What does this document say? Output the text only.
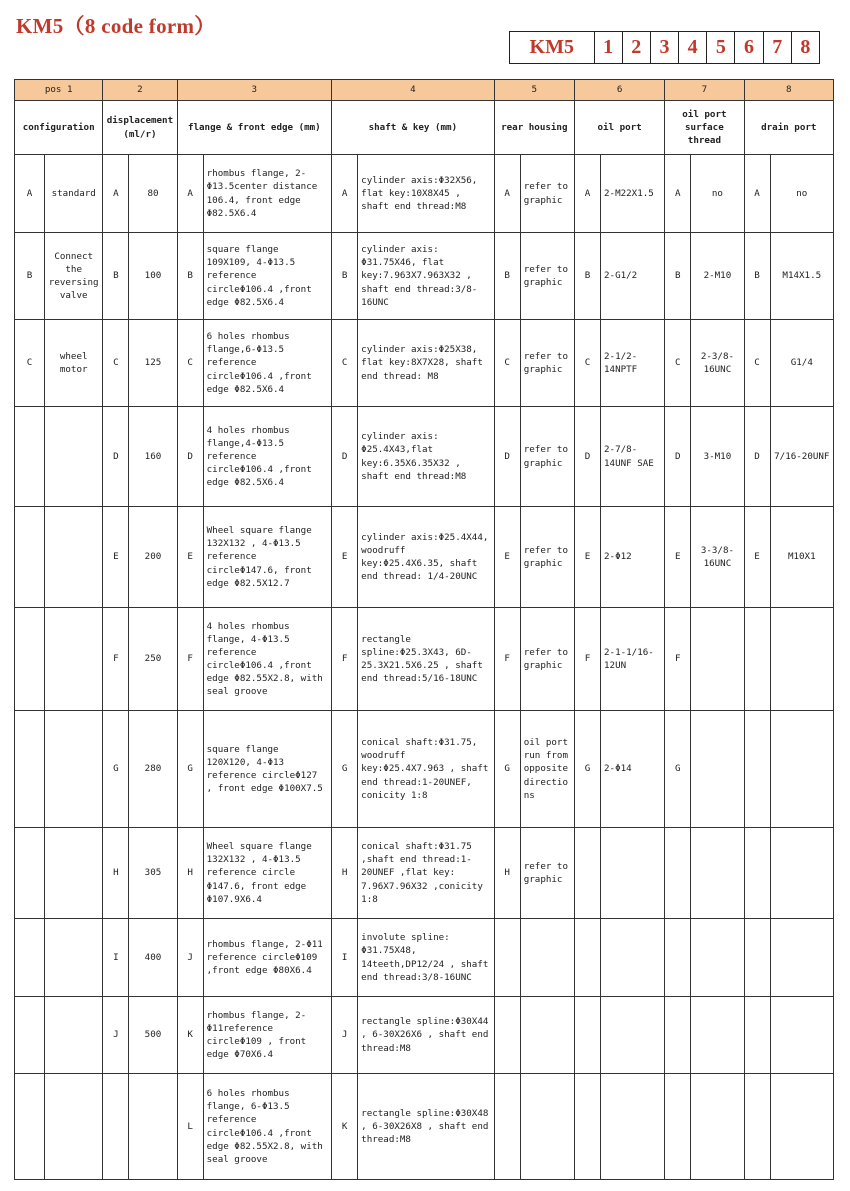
KM5（8 code form）
KM5	1 2 3 4 5 6 7 8
pos 1		2		3		4		5		6		7		8	
configuration		displacement (ml/r)		flange & front edge (mm)		shaft & key (mm)		rear housing		oil port		oil port surface thread		drain port	
A	standard	A	80	A	rhombus flange, 2-Φ13.5center distance 106.4, front edge Φ82.5X6.4	A	cylinder axis:Φ32X56, flat key:10X8X45 , shaft end thread:M8	A	refer to graphic	A	2-M22X1.5	A	no	A	no
B	Connect the reversing valve	B	100	B	square flange 109X109, 4-Φ13.5 reference circleΦ106.4 ,front edge Φ82.5X6.4	B	cylinder axis: Φ31.75X46, flat key:7.963X7.963X32 , shaft end thread:3/8-16UNC	B	refer to graphic	B	2-G1/2	B	2-M10	B	M14X1.5
C	wheel motor	C	125	C	6 holes rhombus flange,6-Φ13.5 reference circleΦ106.4 ,front edge Φ82.5X6.4	C	cylinder axis:Φ25X38, flat key:8X7X28, shaft end thread: M8	C	refer to graphic	C	2-1/2-14NPTF	C	2-3/8-16UNC	C	G1/4
		D	160	D	4 holes rhombus flange,4-Φ13.5 reference circleΦ106.4 ,front edge Φ82.5X6.4	D	cylinder axis: Φ25.4X43,flat key:6.35X6.35X32 , shaft end thread:M8	D	refer to graphic	D	2-7/8-14UNF SAE	D	3-M10	D	7/16-20UNF
		E	200	E	Wheel square flange 132X132 , 4-Φ13.5 reference circleΦ147.6, front edge Φ82.5X12.7	E	cylinder axis:Φ25.4X44, woodruff key:Φ25.4X6.35, shaft end thread: 1/4-20UNC	E	refer to graphic	E	2-Φ12	E	3-3/8-16UNC	E	M10X1
		F	250	F	4 holes rhombus flange, 4-Φ13.5 reference circleΦ106.4 ,front edge Φ82.55X2.8, with seal groove	F	rectangle spline:Φ25.3X43, 6D-25.3X21.5X6.25 , shaft end thread:5/16-18UNC	F	refer to graphic	F	2-1-1/16-12UN	F			
		G	280	G	square flange 120X120, 4-Φ13 reference circleΦ127 , front edge Φ100X7.5	G	conical shaft:Φ31.75, woodruff key:Φ25.4X7.963 , shaft end thread:1-20UNEF, conicity 1:8	G	oil port run from opposite directions	G	2-Φ14	G			
		H	305	H	Wheel square flange 132X132 , 4-Φ13.5 reference circle Φ147.6, front edge Φ107.9X6.4	H	conical shaft:Φ31.75 ,shaft end thread:1-20UNEF ,flat key: 7.96X7.96X32 ,conicity 1:8	H	refer to graphic						
		I	400	J	rhombus flange, 2-Φ11 reference circleΦ109 ,front edge Φ80X6.4	I	involute spline: Φ31.75X48, 14teeth,DP12/24 , shaft end thread:3/8-16UNC								
		J	500	K	rhombus flange, 2-Φ11reference circleΦ109 , front edge Φ70X6.4	J	rectangle spline:Φ30X44 , 6-30X26X6 , shaft end thread:M8								
				L	6 holes rhombus flange, 6-Φ13.5 reference circleΦ106.4 ,front edge Φ82.55X2.8, with seal groove	K	rectangle spline:Φ30X48 , 6-30X26X8 , shaft end thread:M8								
